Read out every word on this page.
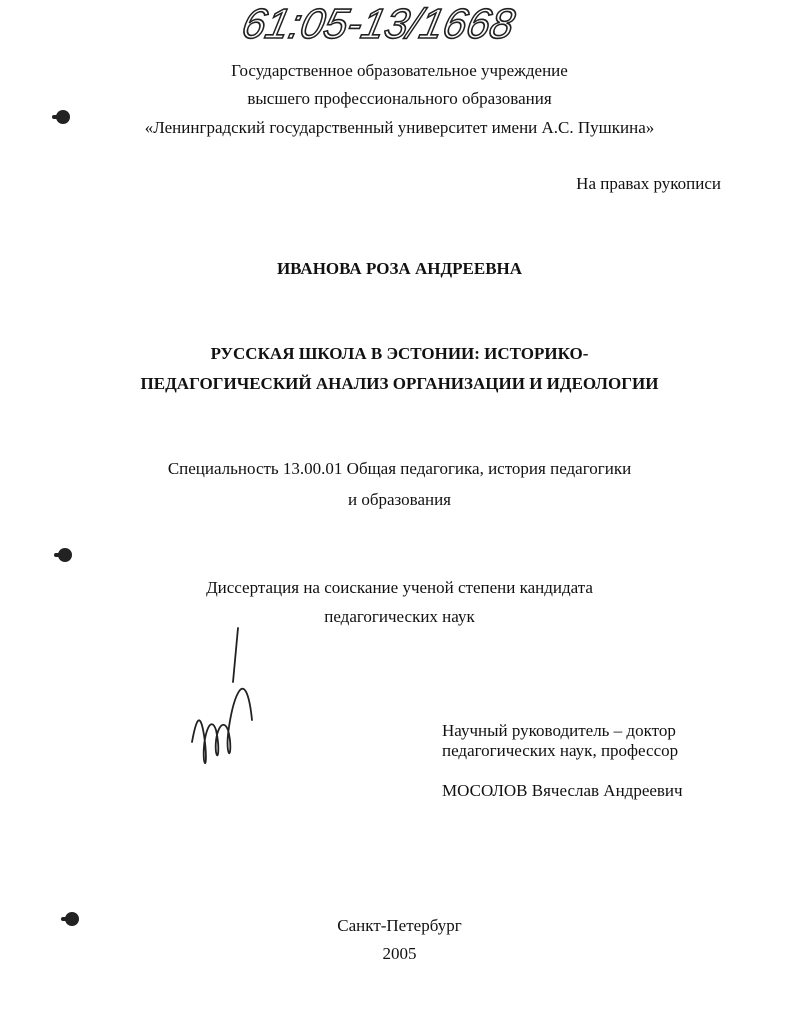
61:05-13/1668
Государственное образовательное учреждение
высшего профессионального образования
«Ленинградский государственный университет имени А.С. Пушкина»
На правах рукописи
ИВАНОВА РОЗА АНДРЕЕВНА
РУССКАЯ ШКОЛА В ЭСТОНИИ: ИСТОРИКО-
ПЕДАГОГИЧЕСКИЙ АНАЛИЗ ОРГАНИЗАЦИИ И ИДЕОЛОГИИ
Специальность 13.00.01 Общая педагогика, история педагогики
и образования
Диссертация на соискание ученой степени кандидата
педагогических наук
Научный руководитель – доктор
педагогических наук, профессор
МОСОЛОВ Вячеслав Андреевич
Санкт-Петербург
2005
